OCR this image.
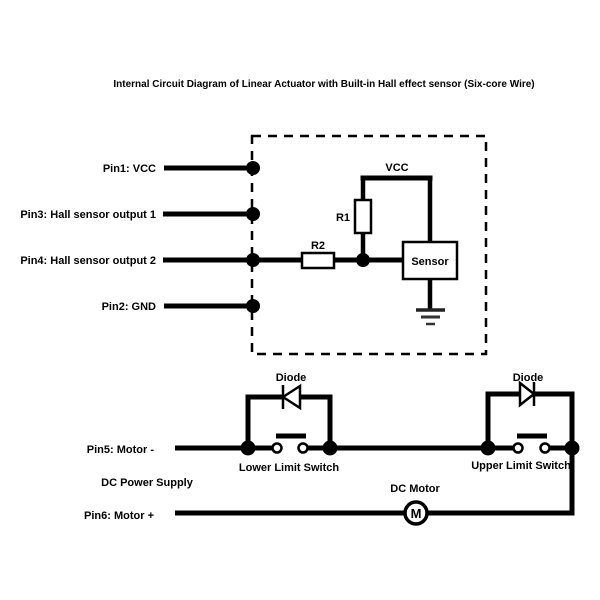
Internal Circuit Diagram of Linear Actuator with Built-in Hall effect sensor (Six-core Wire)
Pin1: VCC
Pin3: Hall sensor output 1
Pin4: Hall sensor output 2
Pin2: GND
VCC
R1
R2
Sensor
Pin5: Motor -
Diode
Lower Limit Switch
Diode
Upper Limit Switch
DC Power Supply
Pin6: Motor +
DC Motor
M
